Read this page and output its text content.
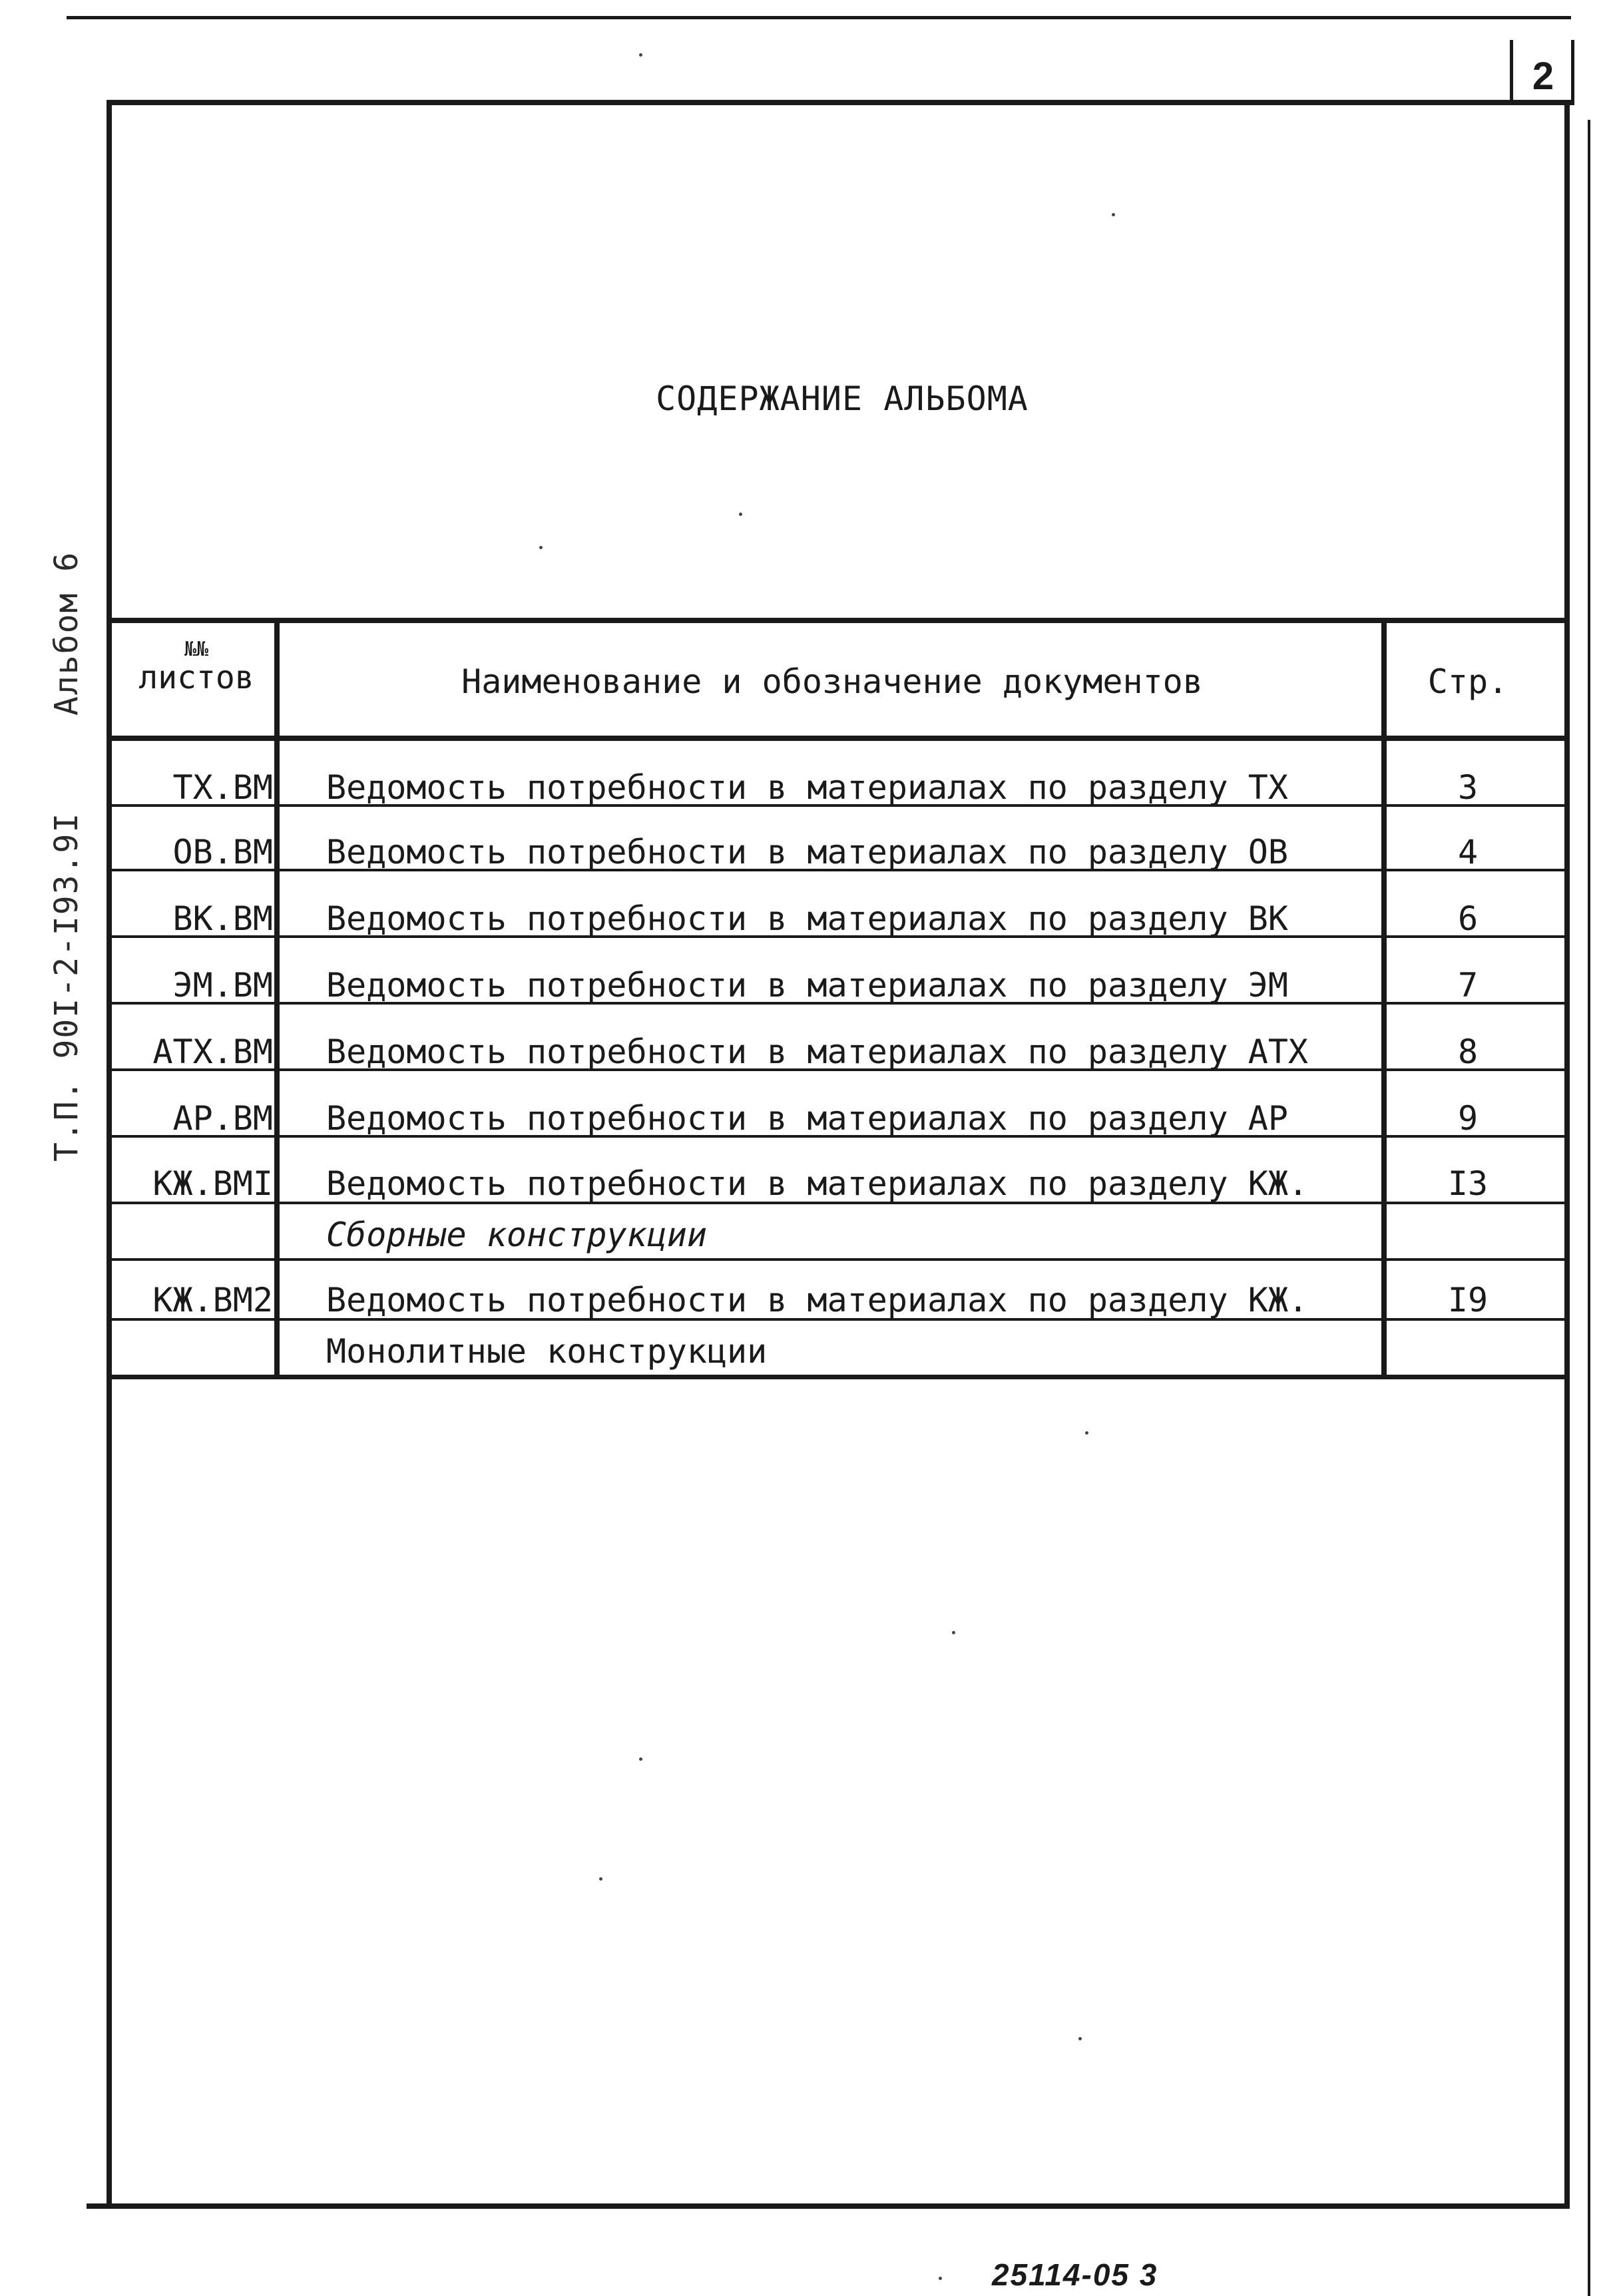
2
Альбом 6
Т.П. 90I-2-I93.9I
СОДЕРЖАНИЕ АЛЬБОМА
№№
листов	Наименование и обозначение документов	Стр.
ТХ.ВМ Ведомость потребности в материалах по разделу ТХ	3
ОВ.ВМ Ведомость потребности в материалах по разделу ОВ	4
ВК.ВМ Ведомость потребности в материалах по разделу ВК	6
ЭМ.ВМ Ведомость потребности в материалах по разделу ЭМ	7
АТХ.ВМ Ведомость потребности в материалах по разделу АТХ	8
АР.ВМ Ведомость потребности в материалах по разделу АР	9
КЖ.ВМI Ведомость потребности в материалах по разделу КЖ.	I3
Сборные конструкции
КЖ.ВМ2 Ведомость потребности в материалах по разделу КЖ.	I9
Монолитные конструкции
25114-05 3
